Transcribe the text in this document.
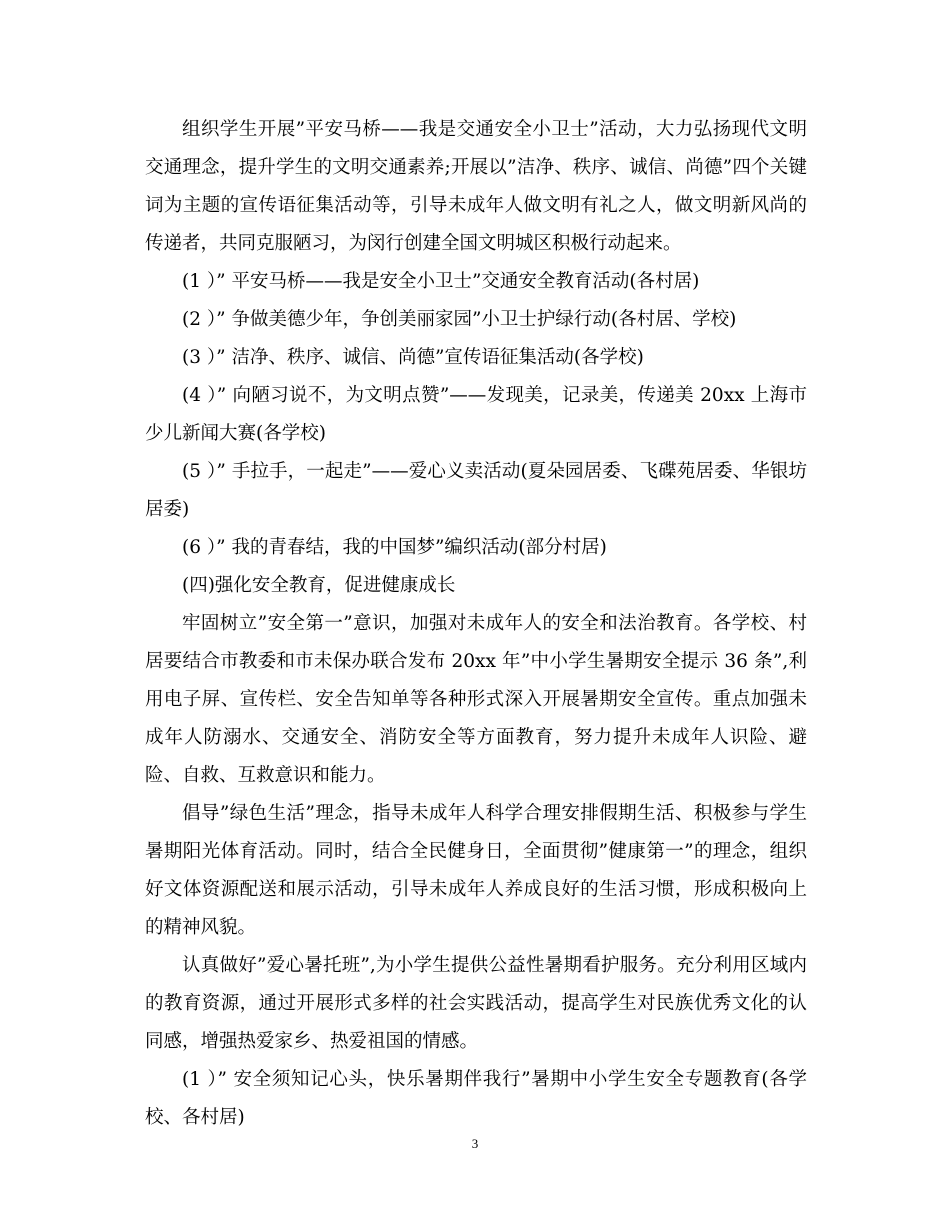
组织学生开展”平安马桥——我是交通安全小卫士”活动，大力弘扬现代文明交通理念，提升学生的文明交通素养;开展以”洁净、秩序、诚信、尚德”四个关键词为主题的宣传语征集活动等，引导未成年人做文明有礼之人，做文明新风尚的传递者，共同克服陋习，为闵行创建全国文明城区积极行动起来。

(1 ）” 平安马桥——我是安全小卫士”交通安全教育活动(各村居)

(2 ）” 争做美德少年，争创美丽家园”小卫士护绿行动(各村居、学校)

(3 ）” 洁净、秩序、诚信、尚德”宣传语征集活动(各学校)

(4 ）” 向陋习说不，为文明点赞”——发现美，记录美，传递美 20xx 上海市少儿新闻大赛(各学校)

(5 ）” 手拉手，一起走”——爱心义卖活动(夏朵园居委、飞碟苑居委、华银坊居委)

(6 ）” 我的青春结，我的中国梦”编织活动(部分村居)

(四)强化安全教育，促进健康成长

牢固树立”安全第一”意识，加强对未成年人的安全和法治教育。各学校、村居要结合市教委和市未保办联合发布 20xx 年”中小学生暑期安全提示 36 条”,利用电子屏、宣传栏、安全告知单等各种形式深入开展暑期安全宣传。重点加强未成年人防溺水、交通安全、消防安全等方面教育，努力提升未成年人识险、避险、自救、互救意识和能力。

倡导”绿色生活”理念，指导未成年人科学合理安排假期生活、积极参与学生暑期阳光体育活动。同时，结合全民健身日，全面贯彻”健康第一”的理念，组织好文体资源配送和展示活动，引导未成年人养成良好的生活习惯，形成积极向上的精神风貌。

认真做好”爱心暑托班”,为小学生提供公益性暑期看护服务。充分利用区域内的教育资源，通过开展形式多样的社会实践活动，提高学生对民族优秀文化的认同感，增强热爱家乡、热爱祖国的情感。

(1 ）” 安全须知记心头，快乐暑期伴我行”暑期中小学生安全专题教育(各学校、各村居)

3
